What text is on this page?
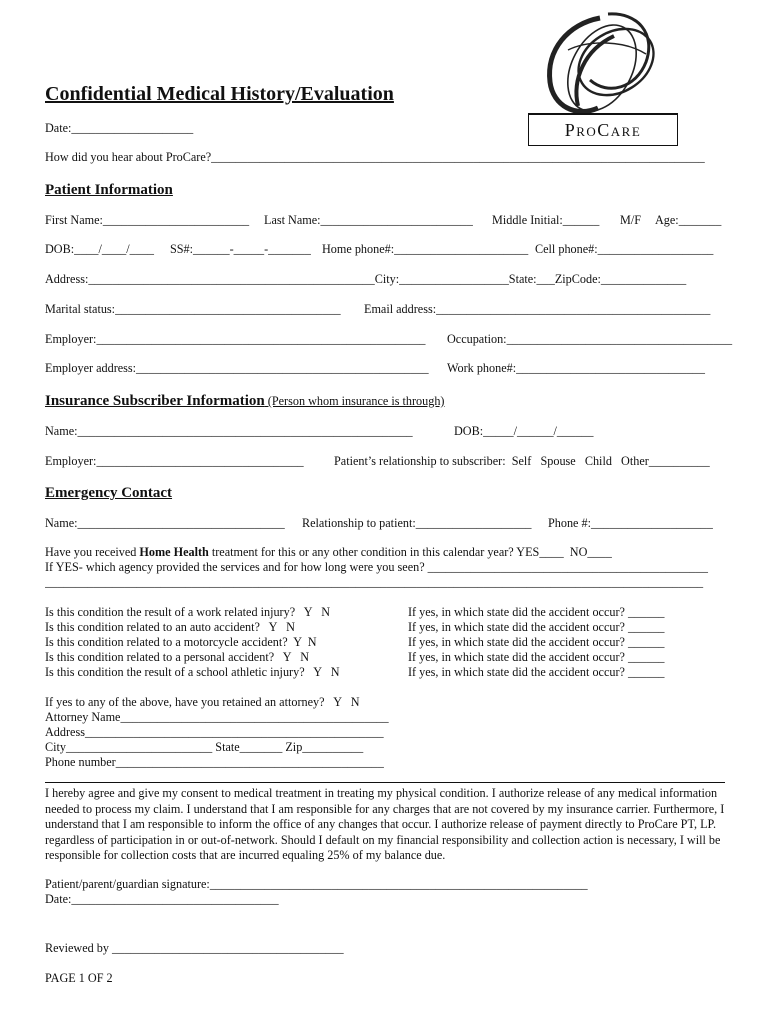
ProCare
Confidential Medical History/Evaluation
Date:____________________
How did you hear about ProCare?_________________________________________________________________________________
Patient Information
First Name:________________________ Last Name:_________________________ Middle Initial:______ M/F Age:_______
DOB:____/____/____ SS#:______-_____-_______ Home phone#:______________________ Cell phone#:___________________
Address:_______________________________________________City:__________________State:___ZipCode:______________
Marital status:_____________________________________ Email address:_____________________________________________
Employer:______________________________________________________ Occupation:_____________________________________
Employer address:________________________________________________ Work phone#:_______________________________
Insurance Subscriber Information (Person whom insurance is through)
Name:_______________________________________________________	DOB:_____/______/______
Employer:__________________________________ Patient’s relationship to subscriber:  Self   Spouse   Child   Other__________
Emergency Contact
Name:__________________________________ Relationship to patient:___________________ Phone #:____________________
Have you received Home Health treatment for this or any other condition in this calendar year? YES____  NO____
If YES- which agency provided the services and for how long were you seen? ______________________________________________
____________________________________________________________________________________________________________
Is this condition the result of a work related injury?   Y   N
Is this condition related to an auto accident?   Y   N
Is this condition related to a motorcycle accident?  Y  N
Is this condition related to a personal accident?   Y   N
Is this condition the result of a school athletic injury?   Y   N
If yes, in which state did the accident occur? ______
If yes, in which state did the accident occur? ______
If yes, in which state did the accident occur? ______
If yes, in which state did the accident occur? ______
If yes, in which state did the accident occur? ______
If yes to any of the above, have you retained an attorney?   Y   N
Attorney Name____________________________________________
Address_________________________________________________
City________________________ State_______ Zip__________
Phone number____________________________________________
I hereby agree and give my consent to medical treatment in treating my physical condition. I authorize release of any medical information needed to process my claim. I understand that I am responsible for any charges that are not covered by my insurance carrier. Furthermore, I understand that I am responsible to inform the office of any changes that occur. I authorize release of payment directly to ProCare PT, LP. regardless of participation in or out-of-network. Should I default on my financial responsibility and collection action is necessary, I will be responsible for collection costs that are incurred equaling 25% of my balance due.
Patient/parent/guardian signature:______________________________________________________________
Date:__________________________________
Reviewed by ______________________________________
PAGE 1 OF 2
